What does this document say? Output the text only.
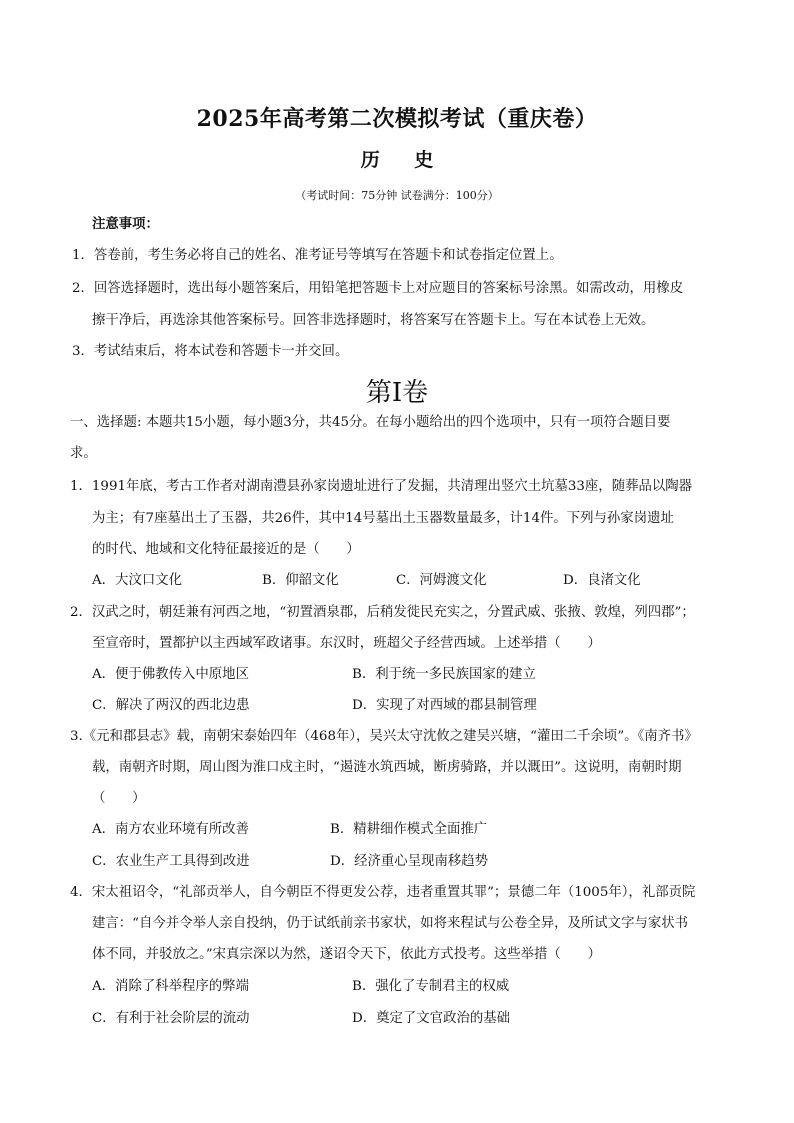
2025年高考第二次模拟考试（重庆卷）
历 史
（考试时间：75分钟 试卷满分：100分）
注意事项：
1．答卷前，考生务必将自己的姓名、准考证号等填写在答题卡和试卷指定位置上。
2．回答选择题时，选出每小题答案后，用铅笔把答题卡上对应题目的答案标号涂黑。如需改动，用橡皮
擦干净后，再选涂其他答案标号。回答非选择题时，将答案写在答题卡上。写在本试卷上无效。
3．考试结束后，将本试卷和答题卡一并交回。
第Ⅰ卷
一、选择题: 本题共15小题，每小题3分，共45分。在每小题给出的四个选项中，只有一项符合题目要
求。
1．1991年底，考古工作者对湖南澧县孙家岗遗址进行了发掘，共清理出竖穴土坑墓33座，随葬品以陶器
为主；有7座墓出土了玉器，共26件，其中14号墓出土玉器数量最多，计14件。下列与孙家岗遗址
的时代、地域和文化特征最接近的是（　　）
A．大汶口文化	B．仰韶文化	C．河姆渡文化	D．良渚文化
2．汉武之时，朝廷兼有河西之地，“初置酒泉郡，后稍发徙民充实之，分置武威、张掖、敦煌，列四郡”；
至宣帝时，置都护以主西域军政诸事。东汉时，班超父子经营西域。上述举措（　　）
A．便于佛教传入中原地区	B．利于统一多民族国家的建立
C．解决了两汉的西北边患	D．实现了对西域的郡县制管理
3.《元和郡县志》载，南朝宋泰始四年（468年），吴兴太守沈攸之建吴兴塘，“灌田二千余顷”。《南齐书》
载，南朝齐时期，周山图为淮口戍主时，“遏涟水筑西城，断虏骑路，并以溉田”。这说明，南朝时期
（　　）
A．南方农业环境有所改善	B．精耕细作模式全面推广
C．农业生产工具得到改进	D．经济重心呈现南移趋势
4．宋太祖诏令，“礼部贡举人，自今朝臣不得更发公荐，违者重置其罪”；景德二年（1005年），礼部贡院
建言：“自今并令举人亲自投纳，仍于试纸前亲书家状，如将来程试与公卷全异，及所试文字与家状书
体不同，并驳放之。”宋真宗深以为然，遂诏令天下，依此方式投考。这些举措（　　）
A．消除了科举程序的弊端	B．强化了专制君主的权威
C．有利于社会阶层的流动	D．奠定了文官政治的基础
